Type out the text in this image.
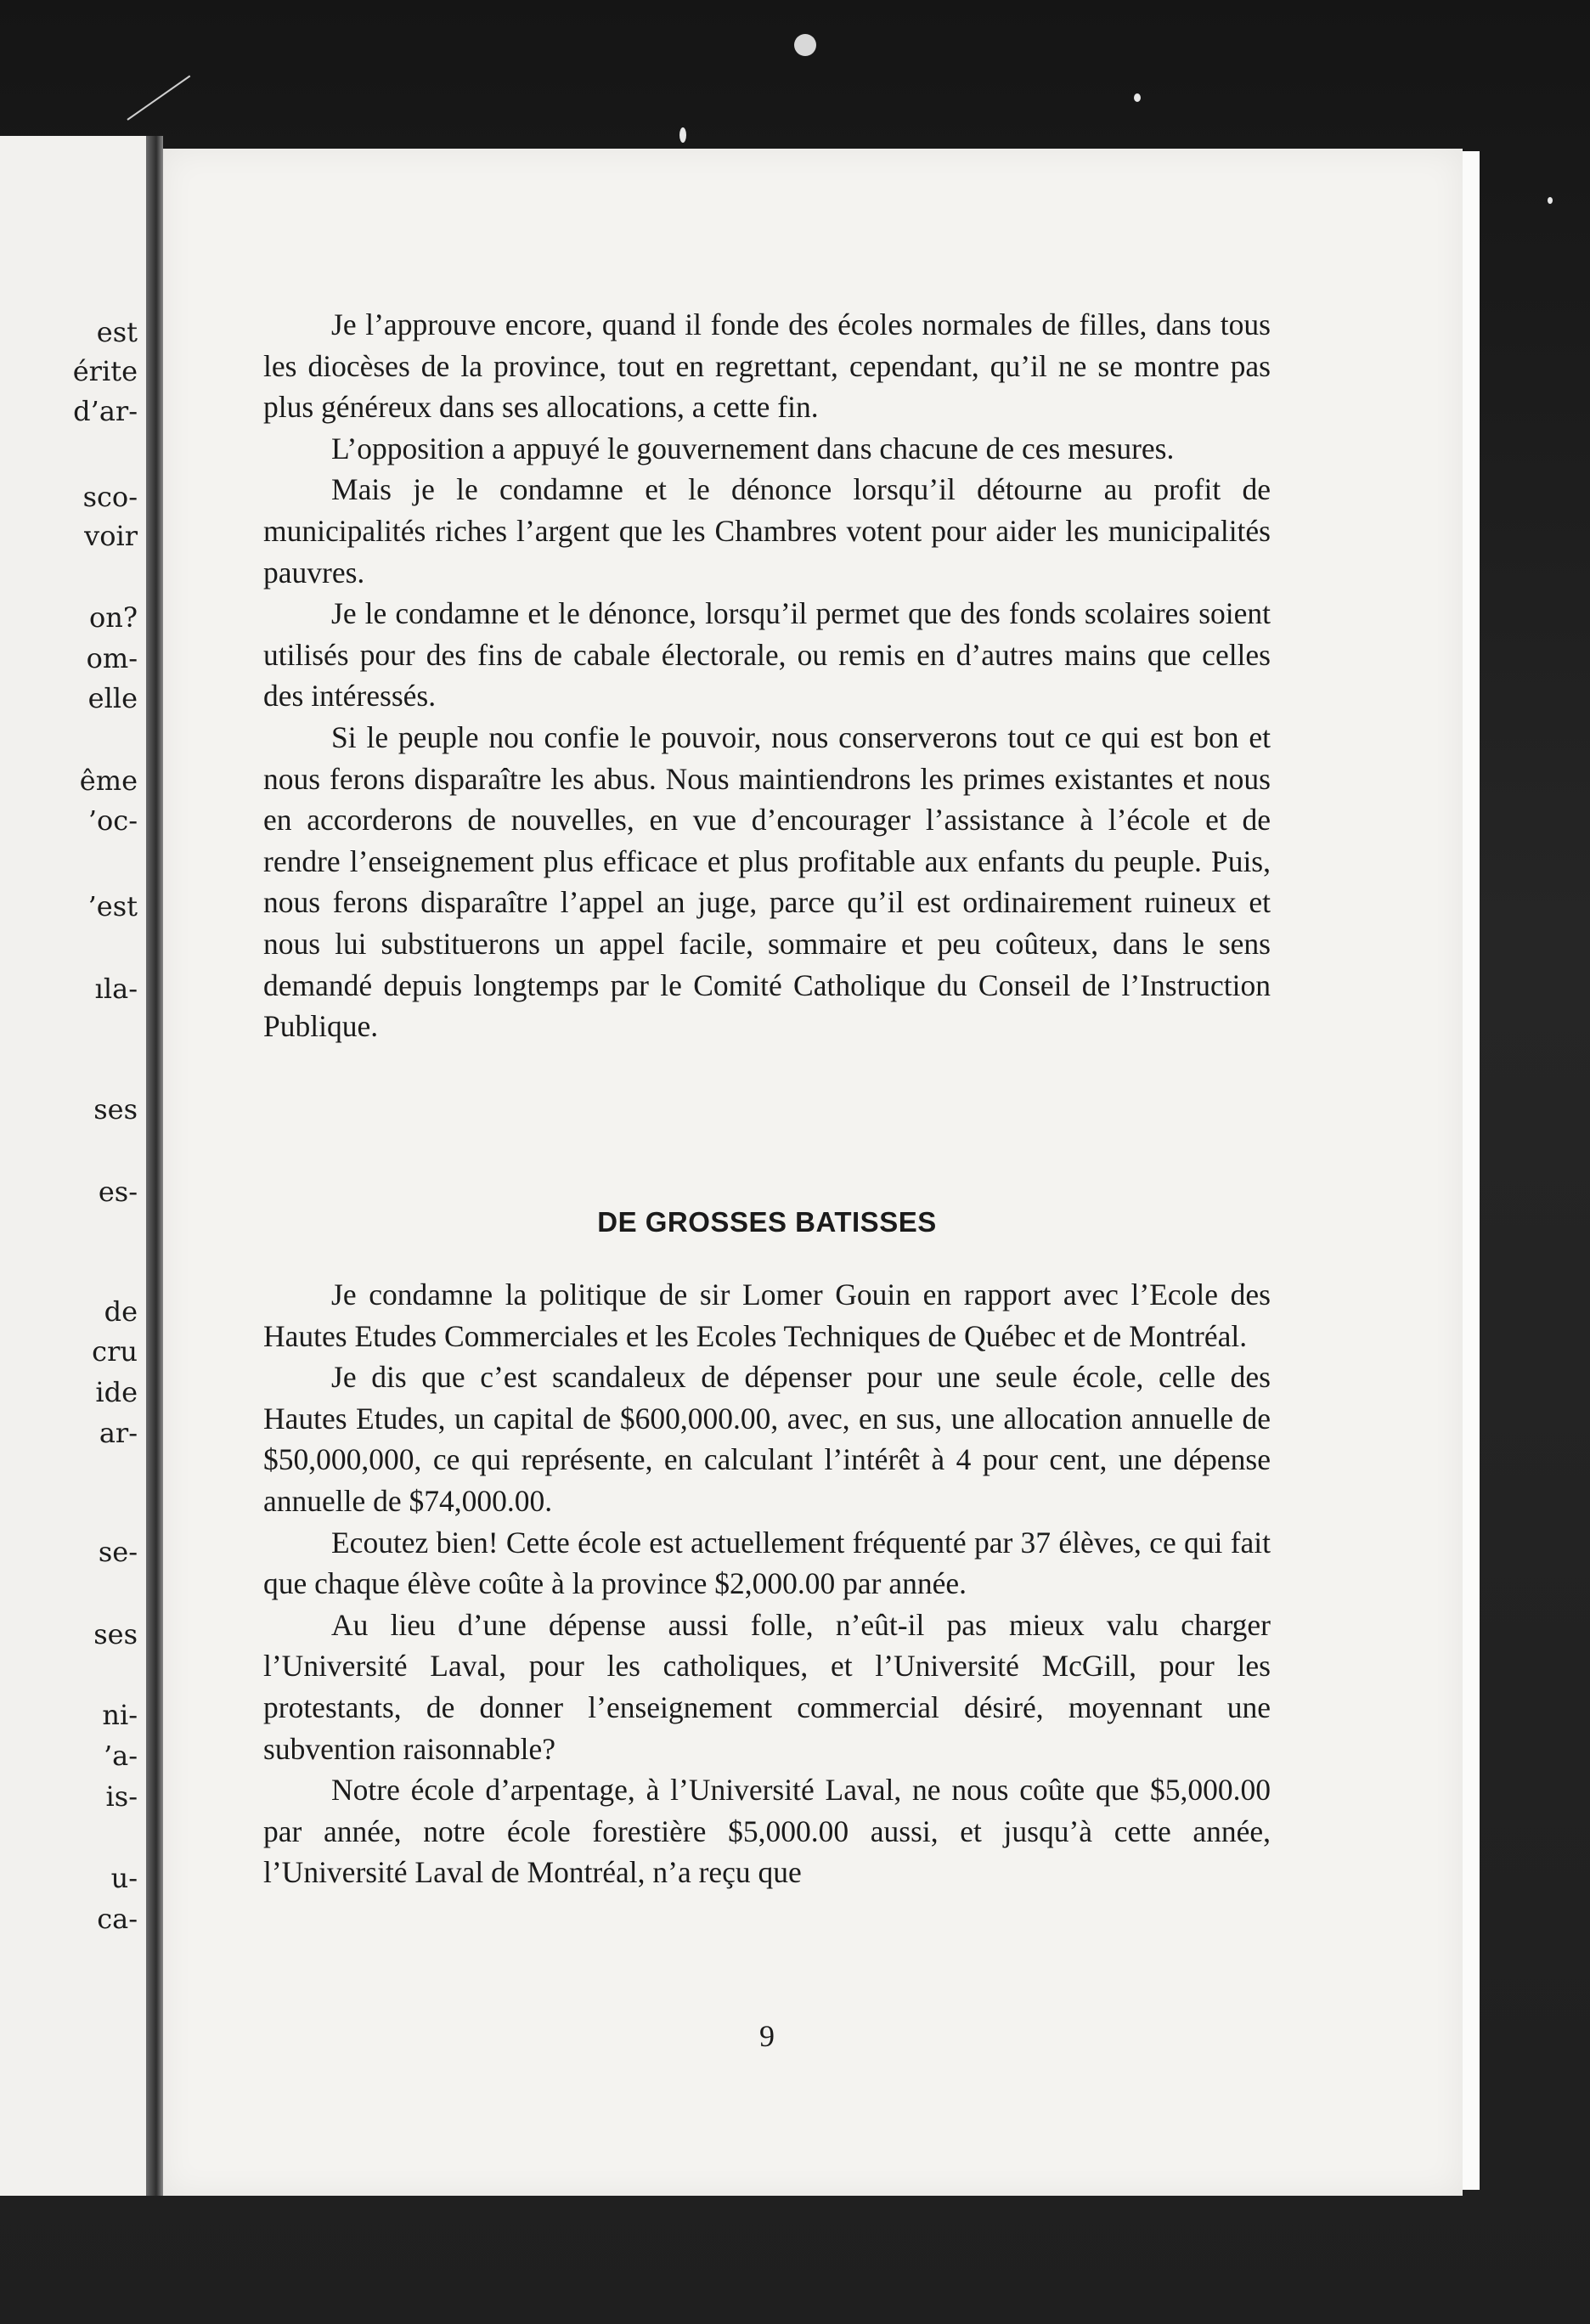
est
érite
d’ar-
sco-
voir
on?
om-
elle
ême
’oc-
’est
ıla-
ses
es-
de
cru
ide
ar-
se-
ses
ni-
’a-
is-
u-
ca-

Je l’approuve encore, quand il fonde des écoles normales de filles, dans tous les diocèses de la province, tout en regrettant, cependant, qu’il ne se montre pas plus généreux dans ses allocations, a cette fin.

L’opposition a appuyé le gouvernement dans chacune de ces mesures.

Mais je le condamne et le dénonce lorsqu’il détourne au profit de municipalités riches l’argent que les Chambres votent pour aider les municipalités pauvres.

Je le condamne et le dénonce, lorsqu’il permet que des fonds scolaires soient utilisés pour des fins de cabale électorale, ou remis en d’autres mains que celles des intéressés.

Si le peuple nou confie le pouvoir, nous conserverons tout ce qui est bon et nous ferons disparaître les abus. Nous maintiendrons les primes existantes et nous en accorderons de nouvelles, en vue d’encourager l’assistance à l’école et de rendre l’enseignement plus efficace et plus profitable aux enfants du peuple. Puis, nous ferons disparaître l’appel an juge, parce qu’il est ordinairement ruineux et nous lui substituerons un appel facile, sommaire et peu coûteux, dans le sens demandé depuis longtemps par le Comité Catholique du Conseil de l’Instruction Publique.

DE GROSSES BATISSES

Je condamne la politique de sir Lomer Gouin en rapport avec l’Ecole des Hautes Etudes Commerciales et les Ecoles Techniques de Québec et de Montréal.

Je dis que c’est scandaleux de dépenser pour une seule école, celle des Hautes Etudes, un capital de $600,000.00, avec, en sus, une allocation annuelle de $50,000,000, ce qui représente, en calculant l’intérêt à 4 pour cent, une dépense annuelle de $74,000.00.

Ecoutez bien! Cette école est actuellement fréquenté par 37 élèves, ce qui fait que chaque élève coûte à la province $2,000.00 par année.

Au lieu d’une dépense aussi folle, n’eût-il pas mieux valu charger l’Université Laval, pour les catholiques, et l’Université McGill, pour les protestants, de donner l’enseignement commercial désiré, moyennant une subvention raisonnable?

Notre école d’arpentage, à l’Université Laval, ne nous coûte que $5,000.00 par année, notre école forestière $5,000.00 aussi, et jusqu’à cette année, l’Université Laval de Montréal, n’a reçu que

9
